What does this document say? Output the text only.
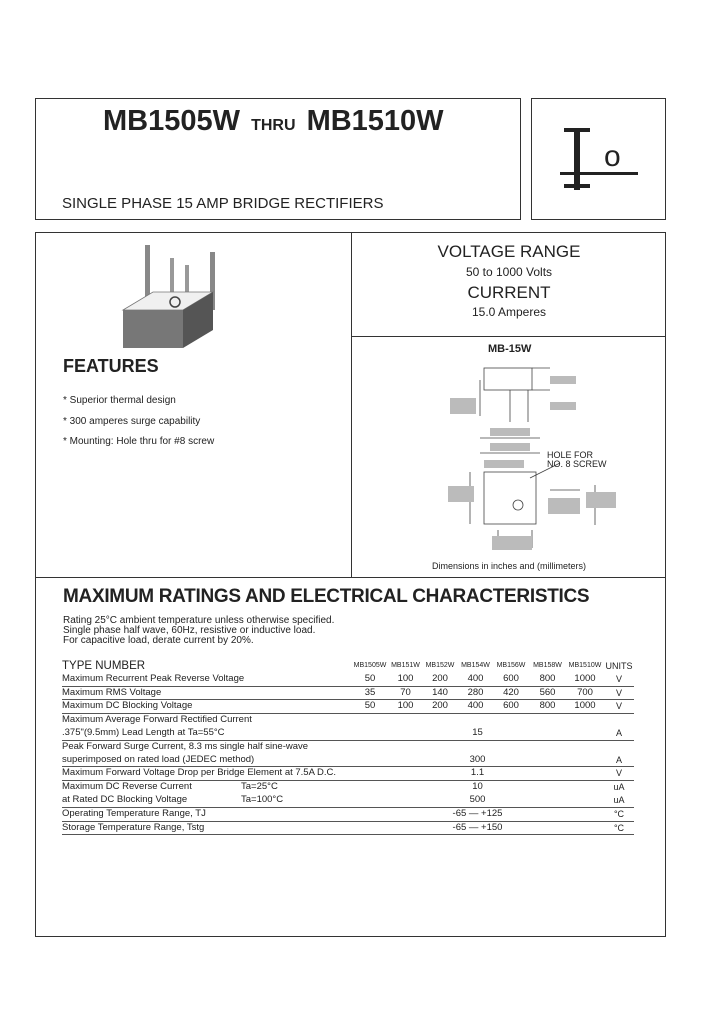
MB1505W THRU MB1510W
SINGLE PHASE 15 AMP BRIDGE RECTIFIERS
o
FEATURES
* Superior thermal design
* 300 amperes surge capability
* Mounting: Hole thru for #8 screw
VOLTAGE RANGE
50 to 1000 Volts
CURRENT
15.0 Amperes
MB-15W
HOLE FOR
NO. 8 SCREW
Dimensions in inches and (millimeters)
MAXIMUM RATINGS AND ELECTRICAL CHARACTERISTICS
Rating 25°C ambient temperature unless otherwise specified.
Single phase half wave, 60Hz, resistive or inductive load.
For capacitive load, derate current by 20%.
TYPE NUMBER		MB1505W	MB151W	MB152W	MB154W	MB156W	MB158W	MB1510W	UNITS
Maximum Recurrent Peak Reverse Voltage		50	100	200	400	600	800	1000	V
Maximum RMS Voltage		35	70	140	280	420	560	700	V
Maximum DC Blocking Voltage		50	100	200	400	600	800	1000	V
Maximum Average Forward Rectified Current								
.375"(9.5mm) Lead Length at Ta=55°C		15							A
Peak Forward Surge Current, 8.3 ms single half sine-wave								
superimposed on rated load (JEDEC method)		300							A
Maximum Forward Voltage Drop per Bridge Element at 7.5A D.C.		1.1							V
Maximum DC Reverse Current	Ta=25°C	10							uA
at Rated DC Blocking Voltage	Ta=100°C	500							uA
Operating Temperature Range, TJ		-65 — +125							°C
Storage Temperature Range, Tstg		-65 — +150							°C
